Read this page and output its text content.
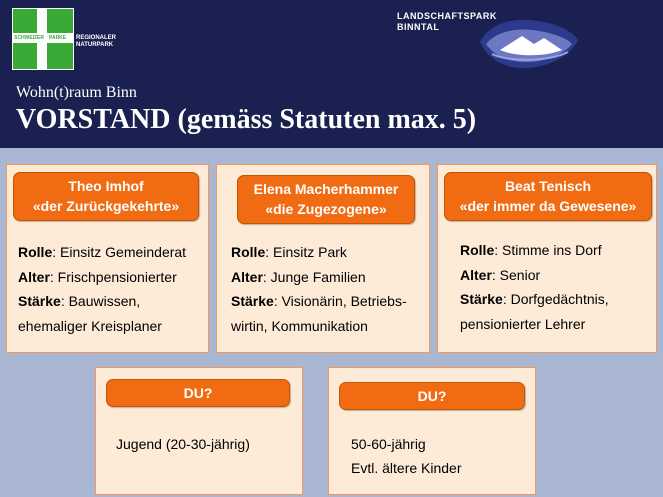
RESEAUX
SCHWEIZER PARKE
PARCS
REGIONALER
NATURPARK
LANDSCHAFTSPARK
BINNTAL
Wohn(t)raum Binn
VORSTAND (gemäss Statuten max. 5)
Theo Imhof
«der Zurückgekehrte»
Rolle: Einsitz Gemeinderat
Alter: Frischpensionierter
Stärke: Bauwissen,
ehemaliger Kreisplaner
Elena Macherhammer
«die Zugezogene»
Rolle: Einsitz Park
Alter: Junge Familien
Stärke: Visionärin, Betriebs-
wirtin, Kommunikation
Beat Tenisch
«der immer da Gewesene»
Rolle: Stimme ins Dorf
Alter: Senior
Stärke: Dorfgedächtnis,
pensionierter Lehrer
DU?
Jugend (20-30-jährig)
DU?
50-60-jährig
Evtl. ältere Kinder
